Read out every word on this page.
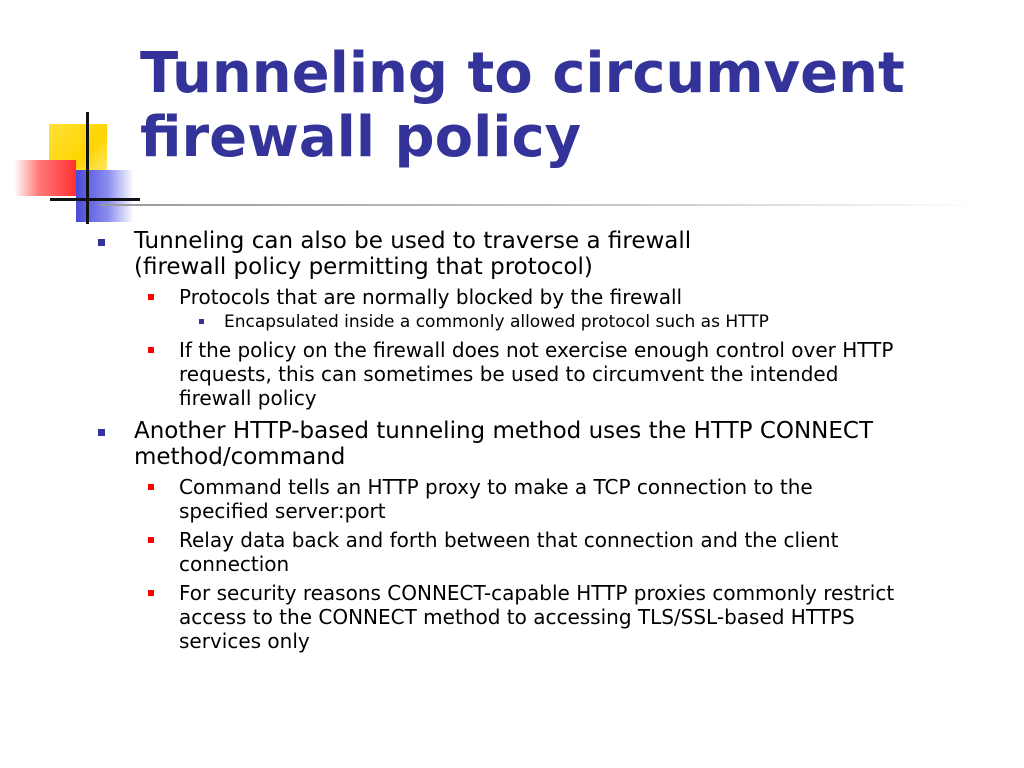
Tunneling to circumvent
firewall policy
Tunneling can also be used to traverse a firewall
(firewall policy permitting that protocol)
Protocols that are normally blocked by the firewall
Encapsulated inside a commonly allowed protocol such as HTTP
If the policy on the firewall does not exercise enough control over HTTP
requests, this can sometimes be used to circumvent the intended
firewall policy
Another HTTP-based tunneling method uses the HTTP CONNECT
method/command
Command tells an HTTP proxy to make a TCP connection to the
specified server:port
Relay data back and forth between that connection and the client
connection
For security reasons CONNECT-capable HTTP proxies commonly restrict
access to the CONNECT method to accessing TLS/SSL-based HTTPS
services only
